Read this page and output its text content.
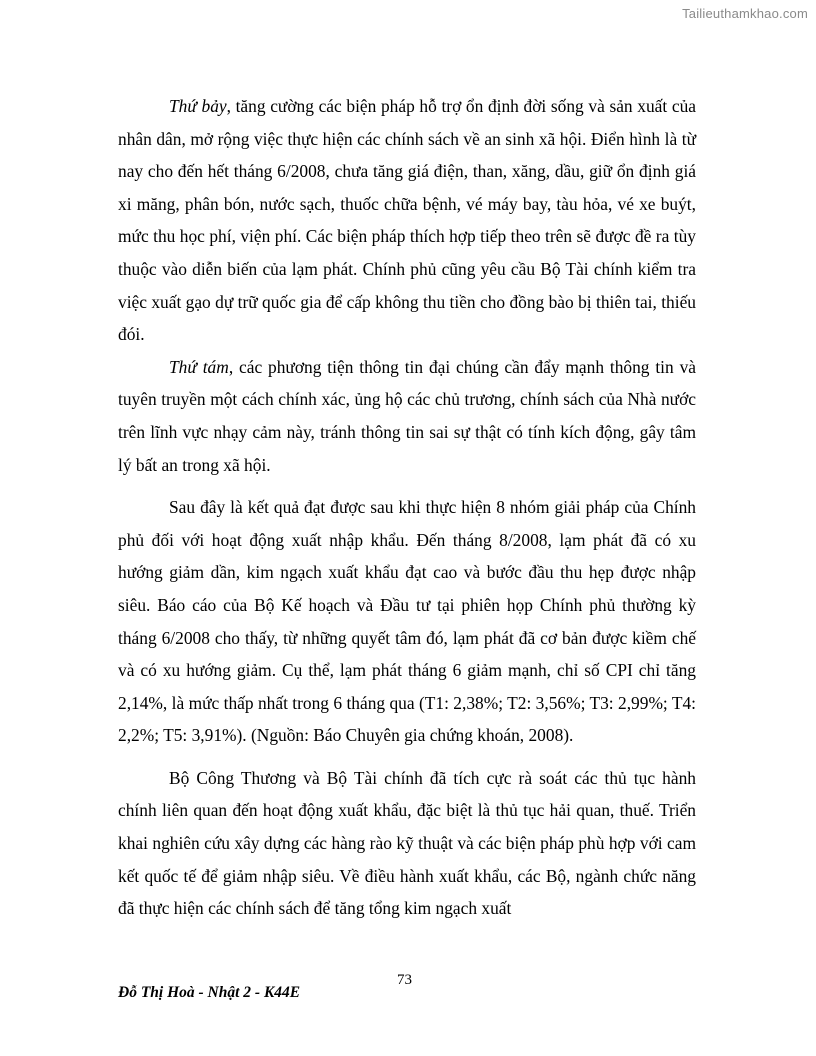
Tailieuthamkhao.com

Thứ bảy, tăng cường các biện pháp hỗ trợ ổn định đời sống và sản xuất của nhân dân, mở rộng việc thực hiện các chính sách về an sinh xã hội. Điển hình là từ nay cho đến hết tháng 6/2008, chưa tăng giá điện, than, xăng, dầu, giữ ổn định giá xi măng, phân bón, nước sạch, thuốc chữa bệnh, vé máy bay, tàu hỏa, vé xe buýt, mức thu học phí, viện phí. Các biện pháp thích hợp tiếp theo trên sẽ được đề ra tùy thuộc vào diễn biến của lạm phát. Chính phủ cũng yêu cầu Bộ Tài chính kiểm tra việc xuất gạo dự trữ quốc gia để cấp không thu tiền cho đồng bào bị thiên tai, thiếu đói.

Thứ tám, các phương tiện thông tin đại chúng cần đẩy mạnh thông tin và tuyên truyền một cách chính xác, ủng hộ các chủ trương, chính sách của Nhà nước trên lĩnh vực nhạy cảm này, tránh thông tin sai sự thật có tính kích động, gây tâm lý bất an trong xã hội.

Sau đây là kết quả đạt được sau khi thực hiện 8 nhóm giải pháp của Chính phủ đối với hoạt động xuất nhập khẩu. Đến tháng 8/2008, lạm phát đã có xu hướng giảm dần, kim ngạch xuất khẩu đạt cao và bước đầu thu hẹp được nhập siêu. Báo cáo của Bộ Kế hoạch và Đầu tư tại phiên họp Chính phủ thường kỳ tháng 6/2008 cho thấy, từ những quyết tâm đó, lạm phát đã cơ bản được kiềm chế và có xu hướng giảm. Cụ thể, lạm phát tháng 6 giảm mạnh, chỉ số CPI chỉ tăng 2,14%, là mức thấp nhất trong 6 tháng qua (T1: 2,38%; T2: 3,56%; T3: 2,99%; T4: 2,2%; T5: 3,91%). (Nguồn: Báo Chuyên gia chứng khoán, 2008).

Bộ Công Thương và Bộ Tài chính đã tích cực rà soát các thủ tục hành chính liên quan đến hoạt động xuất khẩu, đặc biệt là thủ tục hải quan, thuế. Triển khai nghiên cứu xây dựng các hàng rào kỹ thuật và các biện pháp phù hợp với cam kết quốc tế để giảm nhập siêu. Về điều hành xuất khẩu, các Bộ, ngành chức năng đã thực hiện các chính sách để tăng tổng kim ngạch xuất

73
Đỗ Thị Hoà - Nhật 2 - K44E
